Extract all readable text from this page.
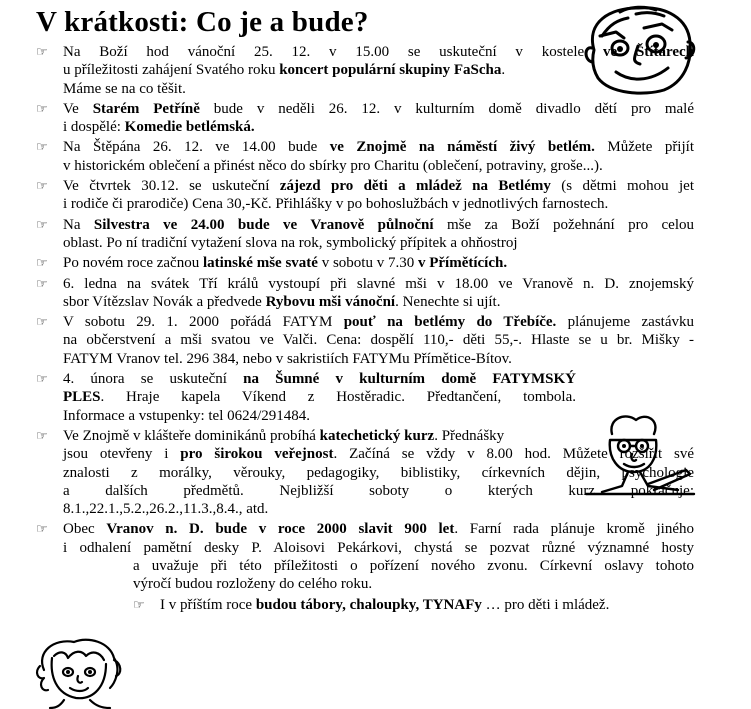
V krátkosti: Co je a bude?
☞ Na Boží hod vánoční 25. 12. v 15.00 se uskuteční v kostele ve Štítarech
u příležitosti zahájení Svatého roku koncert populární skupiny FaScha.
Máme se na co těšit.
☞ Ve Starém Petříně bude v neděli 26. 12. v kulturním domě divadlo dětí pro malé
i dospělé: Komedie betlémská.
☞ Na Štěpána 26. 12. ve 14.00 bude ve Znojmě na náměstí živý betlém. Můžete přijít
v historickém oblečení a přinést něco do sbírky pro Charitu (oblečení, potraviny, groše...).
☞ Ve čtvrtek 30.12. se uskuteční zájezd pro děti a mládež na Betlémy (s dětmi mohou jet
i rodiče či prarodiče) Cena 30,-Kč. Přihlášky v po bohoslužbách v jednotlivých farnostech.
☞ Na Silvestra ve 24.00 bude ve Vranově půlnoční mše za Boží požehnání pro celou
oblast. Po ní tradiční vytažení slova na rok, symbolický přípitek a ohňostroj
☞ Po novém roce začnou latinské mše svaté v sobotu v 7.30 v Přímětících.
☞ 6. ledna na svátek Tří králů vystoupí při slavné mši v 18.00 ve Vranově n. D. znojemský
sbor Vítězslav Novák a předvede Rybovu mši vánoční. Nenechte si ujít.
☞ V sobotu 29. 1. 2000 pořádá FATYM pouť na betlémy do Třebíče. plánujeme zastávku
na občerstvení a mši svatou ve Valči. Cena: dospělí 110,- děti 55,-. Hlaste se u br. Mišky -
FATYM Vranov tel. 296 384, nebo v sakristiích FATYMu Přímětice-Bítov.
☞ 4. února se uskuteční na Šumné v kulturním domě FATYMSKÝ
PLES. Hraje kapela Víkend z Hostěradic. Předtančení, tombola.
Informace a vstupenky: tel 0624/291484.
☞ Ve Znojmě v klášteře dominikánů probíhá katechetický kurz. Přednášky
jsou otevřeny i pro širokou veřejnost. Začíná se vždy v 8.00 hod. Můžete rozšířit své
znalosti z morálky, věrouky, pedagogiky, biblistiky, církevních dějin, psychologie
a dalších předmětů. Nejbližší soboty o kterých kurz pokračuje:
8.1.,22.1.,5.2.,26.2.,11.3.,8.4., atd.
☞ Obec Vranov n. D. bude v roce 2000 slavit 900 let. Farní rada plánuje kromě jiného
i odhalení pamětní desky P. Aloisovi Pekárkovi, chystá se pozvat různé významné hosty
a uvažuje při této příležitosti o pořízení nového zvonu. Církevní oslavy tohoto
výročí budou rozloženy do celého roku.
☞ I v příštím roce budou tábory, chaloupky, TYNAFy … pro děti i mládež.
